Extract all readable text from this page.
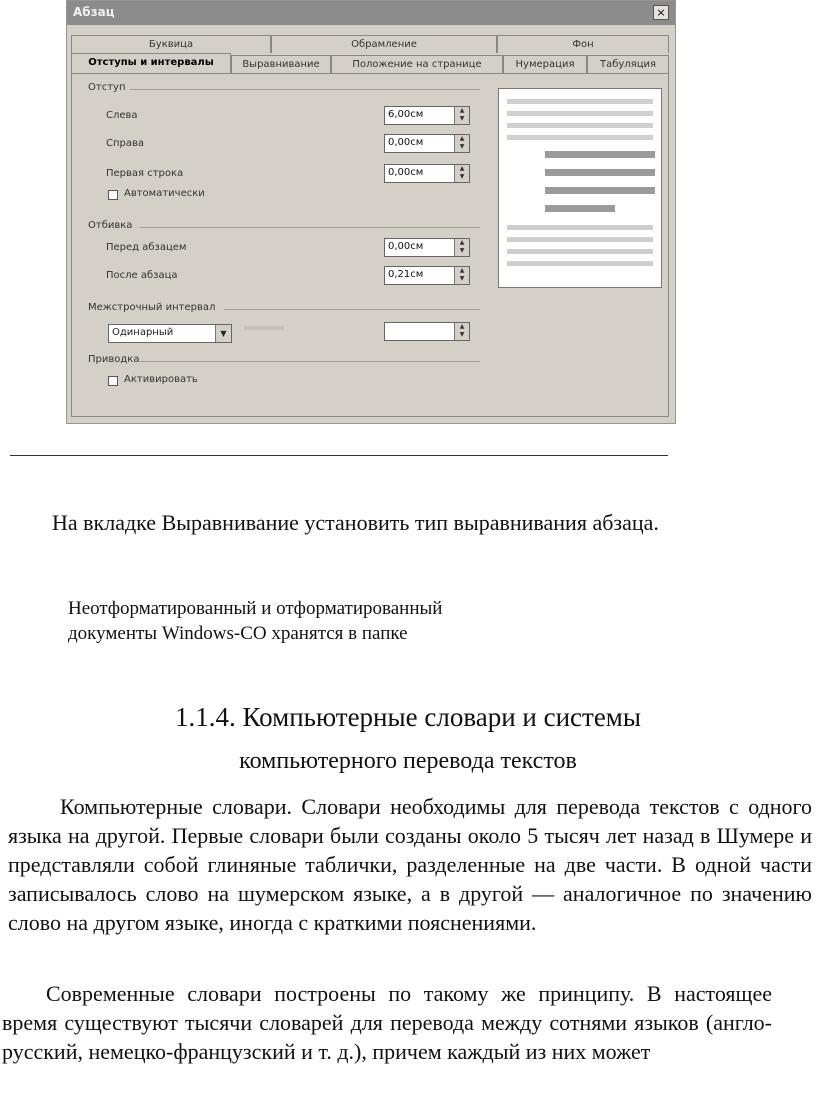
Абзац	×
Буквица	Обрамление	Фон
Отступы и интервалы	Выравнивание	Положение на странице	Нумерация	Табуляция
Отступ
Слева	6,00см	▲
▼
Справа	0,00см	▲
▼
Первая строка	0,00см	▲
▼
Автоматически
Отбивка
Перед абзацем	0,00см	▲
▼
После абзаца	0,21см	▲
▼
Межстрочный интервал
Одинарный	▼
▲
▼
Приводка
Активировать
На вкладке Выравнивание установить тип выравнивания абзаца.
Неотформатированный и отформатированный
документы Windows-СО хранятся в папке
1.1.4. Компьютерные словари и системы
компьютерного перевода текстов
Компьютерные словари. Словари необходимы для перевода текстов с одного языка на другой. Первые словари были созданы около 5 тысяч лет назад в Шумере и представляли собой глиняные таблички, разделенные на две части. В одной части записывалось слово на шумерском языке, а в другой — аналогичное по значению слово на другом языке, иногда с краткими пояснениями.
Современные словари построены по такому же принципу. В настоящее время существуют тысячи словарей для перевода между сотнями языков (англо-русский, немецко-французский и т. д.), причем каждый из них может
